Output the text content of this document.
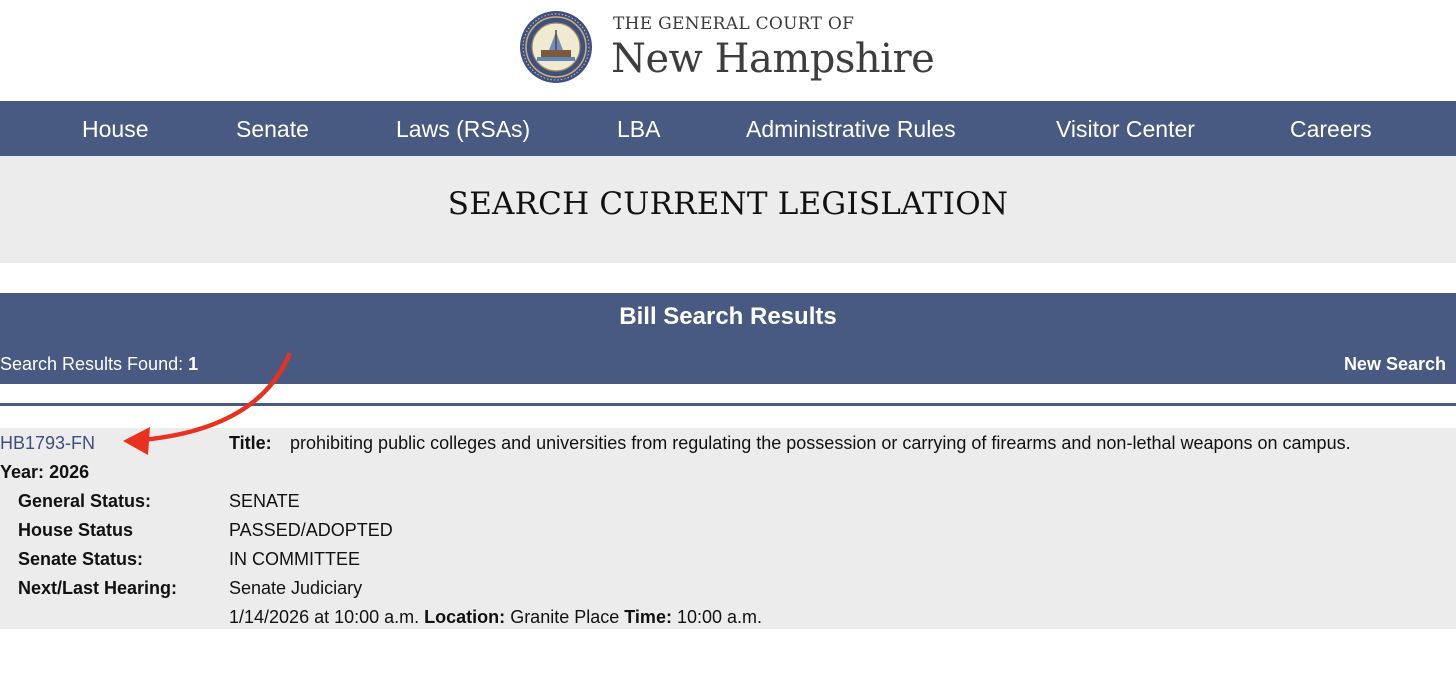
THE GENERAL COURT OF
New Hampshire
House	Senate	Laws (RSAs)	LBA	Administrative Rules	Visitor Center	Careers
SEARCH CURRENT LEGISLATION
Bill Search Results
Search Results Found: 1	New Search
HB1793-FN	Title: prohibiting public colleges and universities from regulating the possession or carrying of firearms and non-lethal weapons on campus.
Year: 2026
General Status:	SENATE
House Status	PASSED/ADOPTED
Senate Status:	IN COMMITTEE
Next/Last Hearing:	Senate Judiciary
1/14/2026 at 10:00 a.m. Location: Granite Place Time: 10:00 a.m.
